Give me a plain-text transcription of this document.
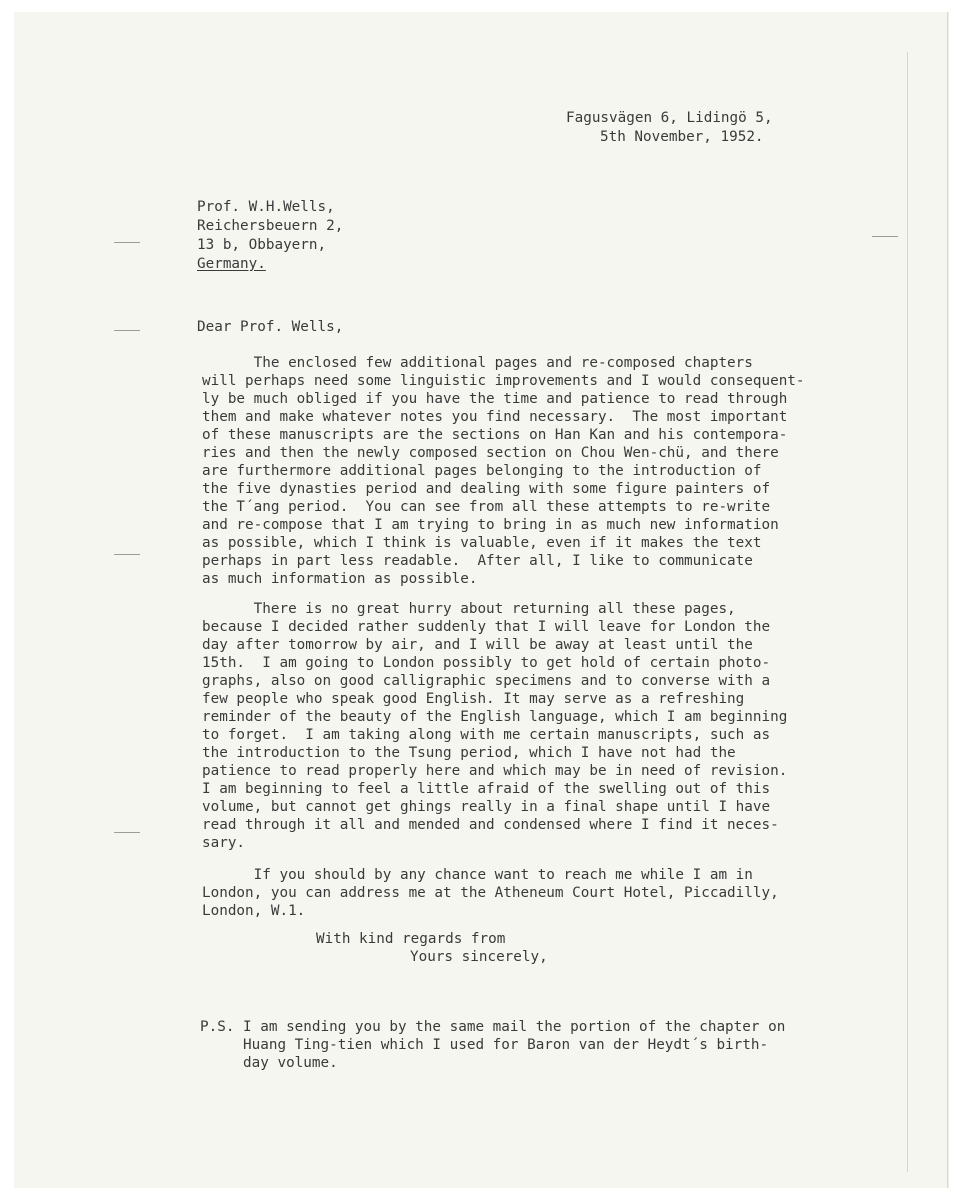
Fagusvägen 6, Lidingö 5,
5th November, 1952.
Prof. W.H.Wells,
Reichersbeuern 2,
13 b, Obbayern,
Germany.
Dear Prof. Wells,
The enclosed few additional pages and re-composed chapters
will perhaps need some linguistic improvements and I would consequent-
ly be much obliged if you have the time and patience to read through
them and make whatever notes you find necessary.  The most important
of these manuscripts are the sections on Han Kan and his contempora-
ries and then the newly composed section on Chou Wen-chü, and there
are furthermore additional pages belonging to the introduction of
the five dynasties period and dealing with some figure painters of
the T´ang period.  You can see from all these attempts to re-write
and re-compose that I am trying to bring in as much new information
as possible, which I think is valuable, even if it makes the text
perhaps in part less readable.  After all, I like to communicate
as much information as possible.
There is no great hurry about returning all these pages,
because I decided rather suddenly that I will leave for London the
day after tomorrow by air, and I will be away at least until the
15th.  I am going to London possibly to get hold of certain photo-
graphs, also on good calligraphic specimens and to converse with a
few people who speak good English. It may serve as a refreshing
reminder of the beauty of the English language, which I am beginning
to forget.  I am taking along with me certain manuscripts, such as
the introduction to the Tsung period, which I have not had the
patience to read properly here and which may be in need of revision.
I am beginning to feel a little afraid of the swelling out of this
volume, but cannot get ghings really in a final shape until I have
read through it all and mended and condensed where I find it neces-
sary.
If you should by any chance want to reach me while I am in
London, you can address me at the Atheneum Court Hotel, Piccadilly,
London, W.1.
With kind regards from
Yours sincerely,
P.S. I am sending you by the same mail the portion of the chapter on
Huang Ting-tien which I used for Baron van der Heydt´s birth-
day volume.
